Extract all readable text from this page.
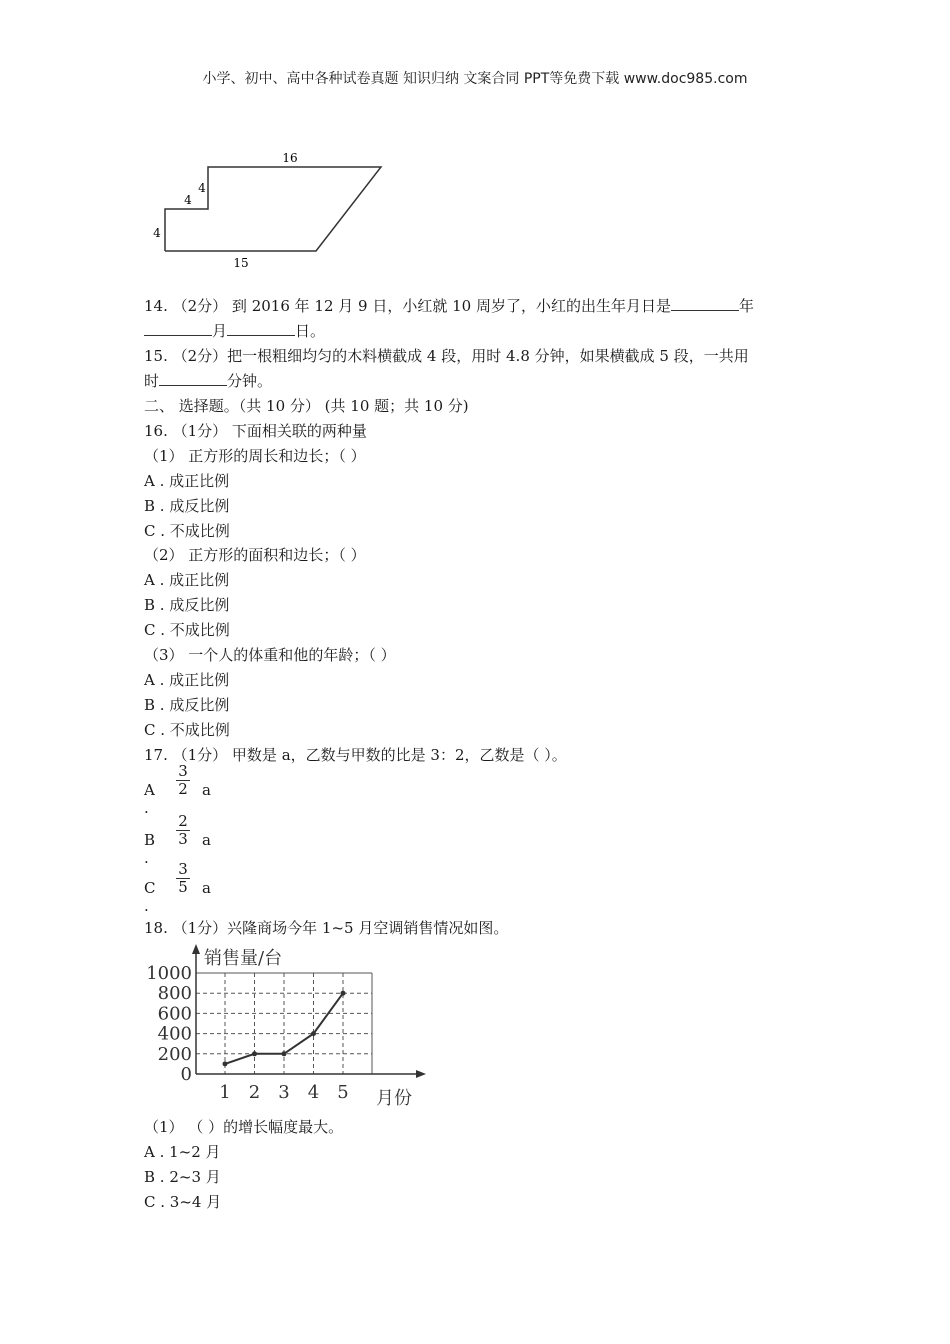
小学、初中、高中各种试卷真题 知识归纳 文案合同 PPT等免费下载 www.doc985.com
16
4
4
4
15
14. （2分） 到 2016 年 12 月 9 日，小红就 10 周岁了，小红的出生年月日是	年
月	日。
15. （2分）把一根粗细均匀的木料横截成 4 段，用时 4.8 分钟，如果横截成 5 段，一共用
时	分钟。
二、 选择题。（共 10 分） (共 10 题；共 10 分)
16. （1分） 下面相关联的两种量
（1） 正方形的周长和边长；（ ）
A . 成正比例
B . 成反比例
C . 不成比例
（2） 正方形的面积和边长；（ ）
A . 成正比例
B . 成反比例
C . 不成比例
（3） 一个人的体重和他的年龄；（ ）
A . 成正比例
B . 成反比例
C . 不成比例
17. （1分） 甲数是 a，乙数与甲数的比是 3：2，乙数是（ ）。
A .
$\frac{3}{2}$ a
B .
$\frac{2}{3}$ a
C .
$\frac{3}{5}$ a
18. （1分）兴隆商场今年 1~5 月空调销售情况如图。
0
200
400
600
800
1000
1 2 3 4 5
销售量/台
月份
（1） （ ）的增长幅度最大。
A . 1~2 月
B . 2~3 月
C . 3~4 月
